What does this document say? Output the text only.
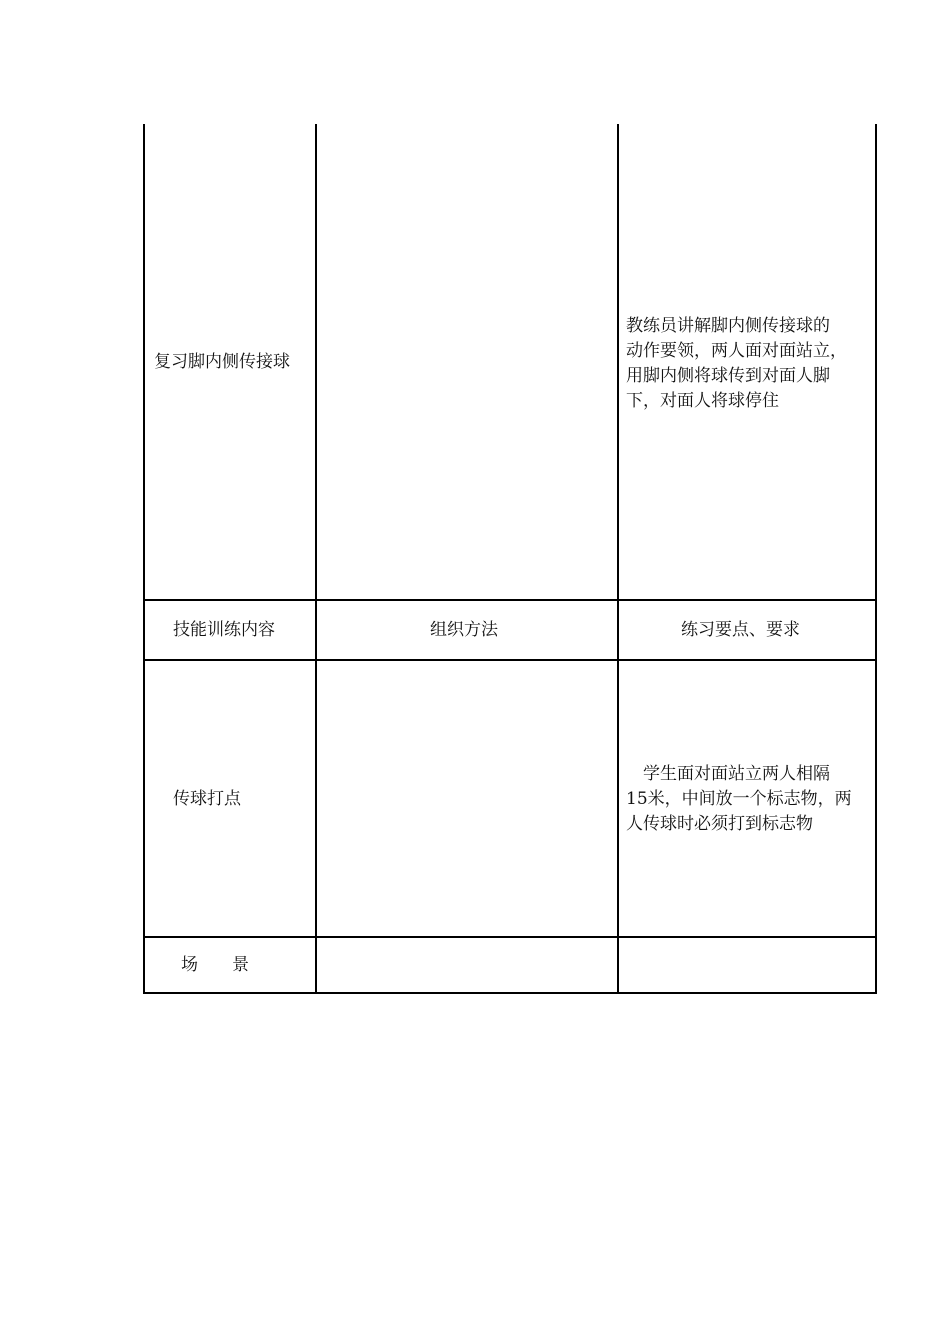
复习脚内侧传接球
教练员讲解脚内侧传接球的
动作要领，两人面对面站立，
用脚内侧将球传到对面人脚
下，对面人将球停住
技能训练内容	组织方法	练习要点、要求
传球打点
　学生面对面站立两人相隔
15米，中间放一个标志物，两
人传球时必须打到标志物
场　　景
